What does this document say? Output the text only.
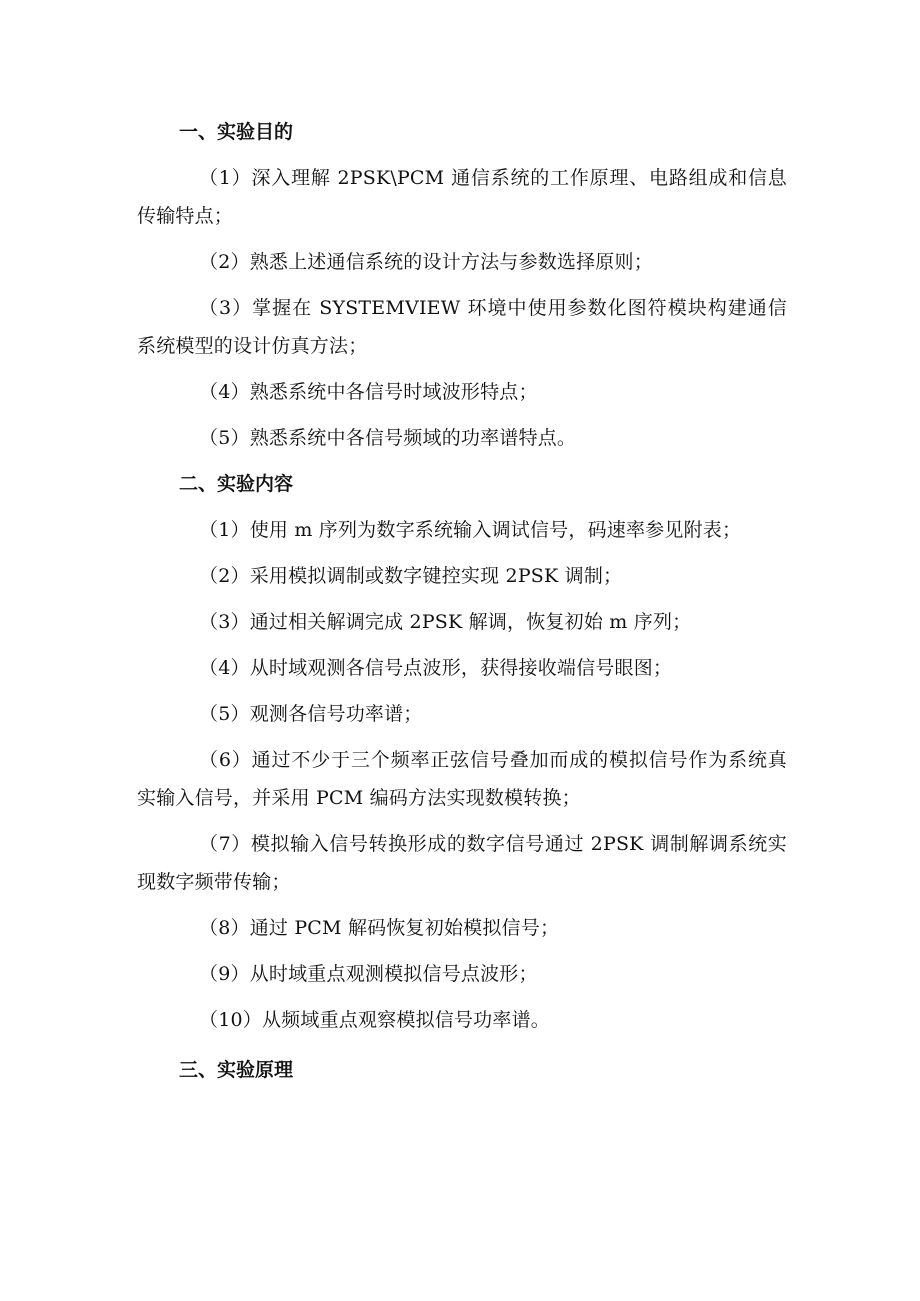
一、实验目的

（1）深入理解 2PSK\PCM 通信系统的工作原理、电路组成和信息传输特点；

（2）熟悉上述通信系统的设计方法与参数选择原则；

（3）掌握在 SYSTEMVIEW 环境中使用参数化图符模块构建通信系统模型的设计仿真方法；

（4）熟悉系统中各信号时域波形特点；

（5）熟悉系统中各信号频域的功率谱特点。

二、实验内容

（1）使用 m 序列为数字系统输入调试信号，码速率参见附表；

（2）采用模拟调制或数字键控实现 2PSK 调制；

（3）通过相关解调完成 2PSK 解调，恢复初始 m 序列；

（4）从时域观测各信号点波形，获得接收端信号眼图；

（5）观测各信号功率谱；

（6）通过不少于三个频率正弦信号叠加而成的模拟信号作为系统真实输入信号，并采用 PCM 编码方法实现数模转换；

（7）模拟输入信号转换形成的数字信号通过 2PSK 调制解调系统实现数字频带传输；

（8）通过 PCM 解码恢复初始模拟信号；

（9）从时域重点观测模拟信号点波形；

（10）从频域重点观察模拟信号功率谱。

三、实验原理
